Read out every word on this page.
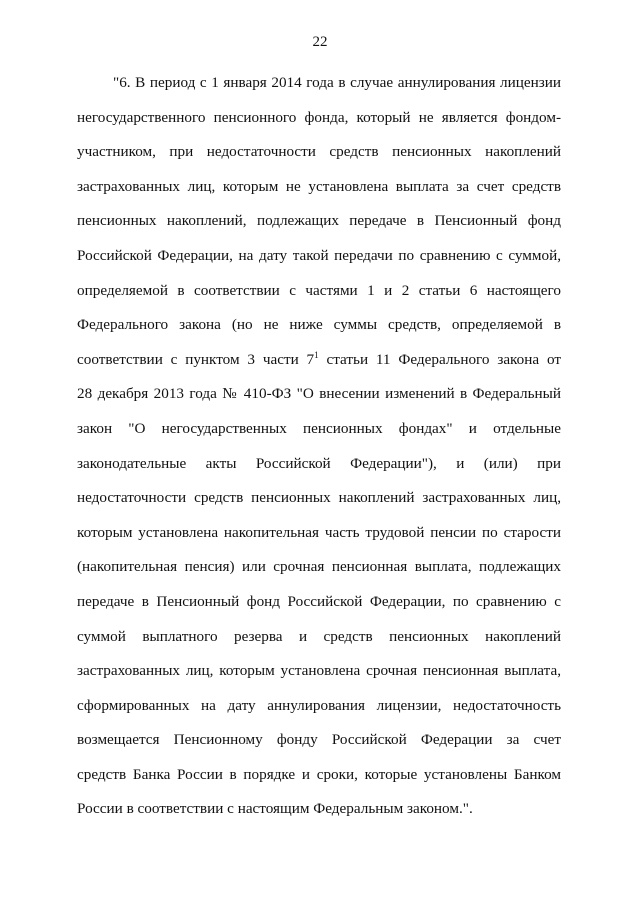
22
"6. В период с 1 января 2014 года в случае аннулирования лицензии
негосударственного пенсионного фонда, который не является фондом-
участником, при недостаточности средств пенсионных накоплений
застрахованных лиц, которым не установлена выплата за счет средств
пенсионных накоплений, подлежащих передаче в Пенсионный фонд
Российской Федерации, на дату такой передачи по сравнению с суммой,
определяемой в соответствии с частями 1 и 2 статьи 6 настоящего
Федерального закона (но не ниже суммы средств, определяемой в
соответствии с пунктом 3 части $7^1$ статьи 11 Федерального закона от
28 декабря 2013 года № 410-ФЗ "О внесении изменений в Федеральный
закон "О негосударственных пенсионных фондах" и отдельные
законодательные акты Российской Федерации"), и (или) при
недостаточности средств пенсионных накоплений застрахованных лиц,
которым установлена накопительная часть трудовой пенсии по старости
(накопительная пенсия) или срочная пенсионная выплата, подлежащих
передаче в Пенсионный фонд Российской Федерации, по сравнению с
суммой выплатного резерва и средств пенсионных накоплений
застрахованных лиц, которым установлена срочная пенсионная выплата,
сформированных на дату аннулирования лицензии, недостаточность
возмещается Пенсионному фонду Российской Федерации за счет
средств Банка России в порядке и сроки, которые установлены Банком
России в соответствии с настоящим Федеральным законом.".
